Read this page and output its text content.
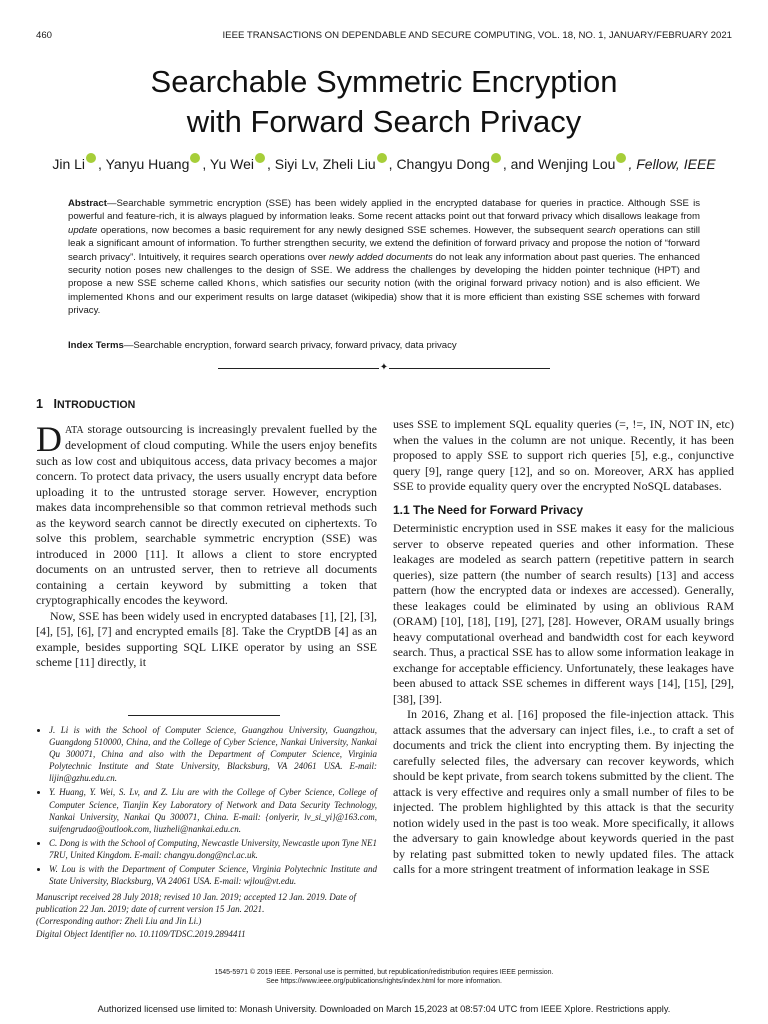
460	IEEE TRANSACTIONS ON DEPENDABLE AND SECURE COMPUTING, VOL. 18, NO. 1, JANUARY/FEBRUARY 2021
Searchable Symmetric Encryption
with Forward Search Privacy
Jin Li , Yanyu Huang , Yu Wei , Siyi Lv, Zheli Liu , Changyu Dong , and Wenjing Lou , Fellow, IEEE

Abstract—Searchable symmetric encryption (SSE) has been widely applied in the encrypted database for queries in practice. Although SSE is powerful and feature-rich, it is always plagued by information leaks. Some recent attacks point out that forward privacy which disallows leakage from update operations, now becomes a basic requirement for any newly designed SSE schemes. However, the subsequent search operations can still leak a significant amount of information. To further strengthen security, we extend the definition of forward privacy and propose the notion of “forward search privacy”. Intuitively, it requires search operations over newly added documents do not leak any information about past queries. The enhanced security notion poses new challenges to the design of SSE. We address the challenges by developing the hidden pointer technique (HPT) and propose a new SSE scheme called Khons, which satisfies our security notion (with the original forward privacy notion) and is also efficient. We implemented Khons and our experiment results on large dataset (wikipedia) show that it is more efficient than existing SSE schemes with forward privacy.

Index Terms—Searchable encryption, forward search privacy, forward privacy, data privacy
✦
1 INTRODUCTION

DATA storage outsourcing is increasingly prevalent fuelled by the development of cloud computing. While the users enjoy benefits such as low cost and ubiquitous access, data privacy becomes a major concern. To protect data privacy, the users usually encrypt data before uploading it to the untrusted storage server. However, encryption makes data incomprehensible so that common retrieval methods such as the keyword search cannot be directly executed on ciphertexts. To solve this problem, searchable symmetric encryption (SSE) was introduced in 2000 [11]. It allows a client to store encrypted documents on an untrusted server, then to retrieve all documents containing a certain keyword by submitting a token that cryptographically encodes the keyword.

Now, SSE has been widely used in encrypted databases [1], [2], [3], [4], [5], [6], [7] and encrypted emails [8]. Take the CryptDB [4] as an example, besides supporting SQL LIKE operator by using an SSE scheme [11] directly, it

uses SSE to implement SQL equality queries (=, !=, IN, NOT IN, etc) when the values in the column are not unique. Recently, it has been proposed to apply SSE to support rich queries [5], e.g., conjunctive query [9], range query [12], and so on. Moreover, ARX has applied SSE to provide equality query over the encrypted NoSQL databases.

1.1 The Need for Forward Privacy

Deterministic encryption used in SSE makes it easy for the malicious server to observe repeated queries and other information. These leakages are modeled as search pattern (repetitive pattern in search queries), size pattern (the number of search results) [13] and access pattern (how the encrypted data or indexes are accessed). Generally, these leakages could be eliminated by using an oblivious RAM (ORAM) [10], [18], [19], [27], [28]. However, ORAM usually brings heavy computational overhead and bandwidth cost for each keyword search. Thus, a practical SSE has to allow some information leakage in exchange for acceptable efficiency. Unfortunately, these leakages have been abused to attack SSE schemes in different ways [14], [15], [29], [38], [39].

In 2016, Zhang et al. [16] proposed the file-injection attack. This attack assumes that the adversary can inject files, i.e., to craft a set of documents and trick the client into encrypting them. By injecting the carefully selected files, the adversary can recover keywords, which should be kept private, from search tokens submitted by the client. The attack is very effective and requires only a small number of files to be injected. The problem highlighted by this attack is that the security notion widely used in the past is too weak. More specifically, it allows the adversary to gain knowledge about keywords queried in the past by relating past submitted token to newly updated files. The attack calls for a more stringent treatment of information leakage in SSE

• J. Li is with the School of Computer Science, Guangzhou University, Guangzhou, Guangdong 510000, China, and the College of Cyber Science, Nankai University, Nankai Qu 300071, China and also with the Department of Computer Science, Virginia Polytechnic Institute and State University, Blacksburg, VA 24061 USA. E-mail: lijin@gzhu.edu.cn.
• Y. Huang, Y. Wei, S. Lv, and Z. Liu are with the College of Cyber Science, College of Computer Science, Tianjin Key Laboratory of Network and Data Security Technology, Nankai University, Nankai Qu 300071, China. E-mail: {onlyerir, lv_si_yi}@163.com, suifengrudao@outlook.com, liuzheli@nankai.edu.cn.
• C. Dong is with the School of Computing, Newcastle University, Newcastle upon Tyne NE1 7RU, United Kingdom. E-mail: changyu.dong@ncl.ac.uk.
• W. Lou is with the Department of Computer Science, Virginia Polytechnic Institute and State University, Blacksburg, VA 24061 USA. E-mail: wjlou@vt.edu.
Manuscript received 28 July 2018; revised 10 Jan. 2019; accepted 12 Jan. 2019. Date of publication 22 Jan. 2019; date of current version 15 Jan. 2021.
(Corresponding author: Zheli Liu and Jin Li.)
Digital Object Identifier no. 10.1109/TDSC.2019.2894411
1545-5971 © 2019 IEEE. Personal use is permitted, but republication/redistribution requires IEEE permission.
See https://www.ieee.org/publications/rights/index.html for more information.
Authorized licensed use limited to: Monash University. Downloaded on March 15,2023 at 08:57:04 UTC from IEEE Xplore. Restrictions apply.
